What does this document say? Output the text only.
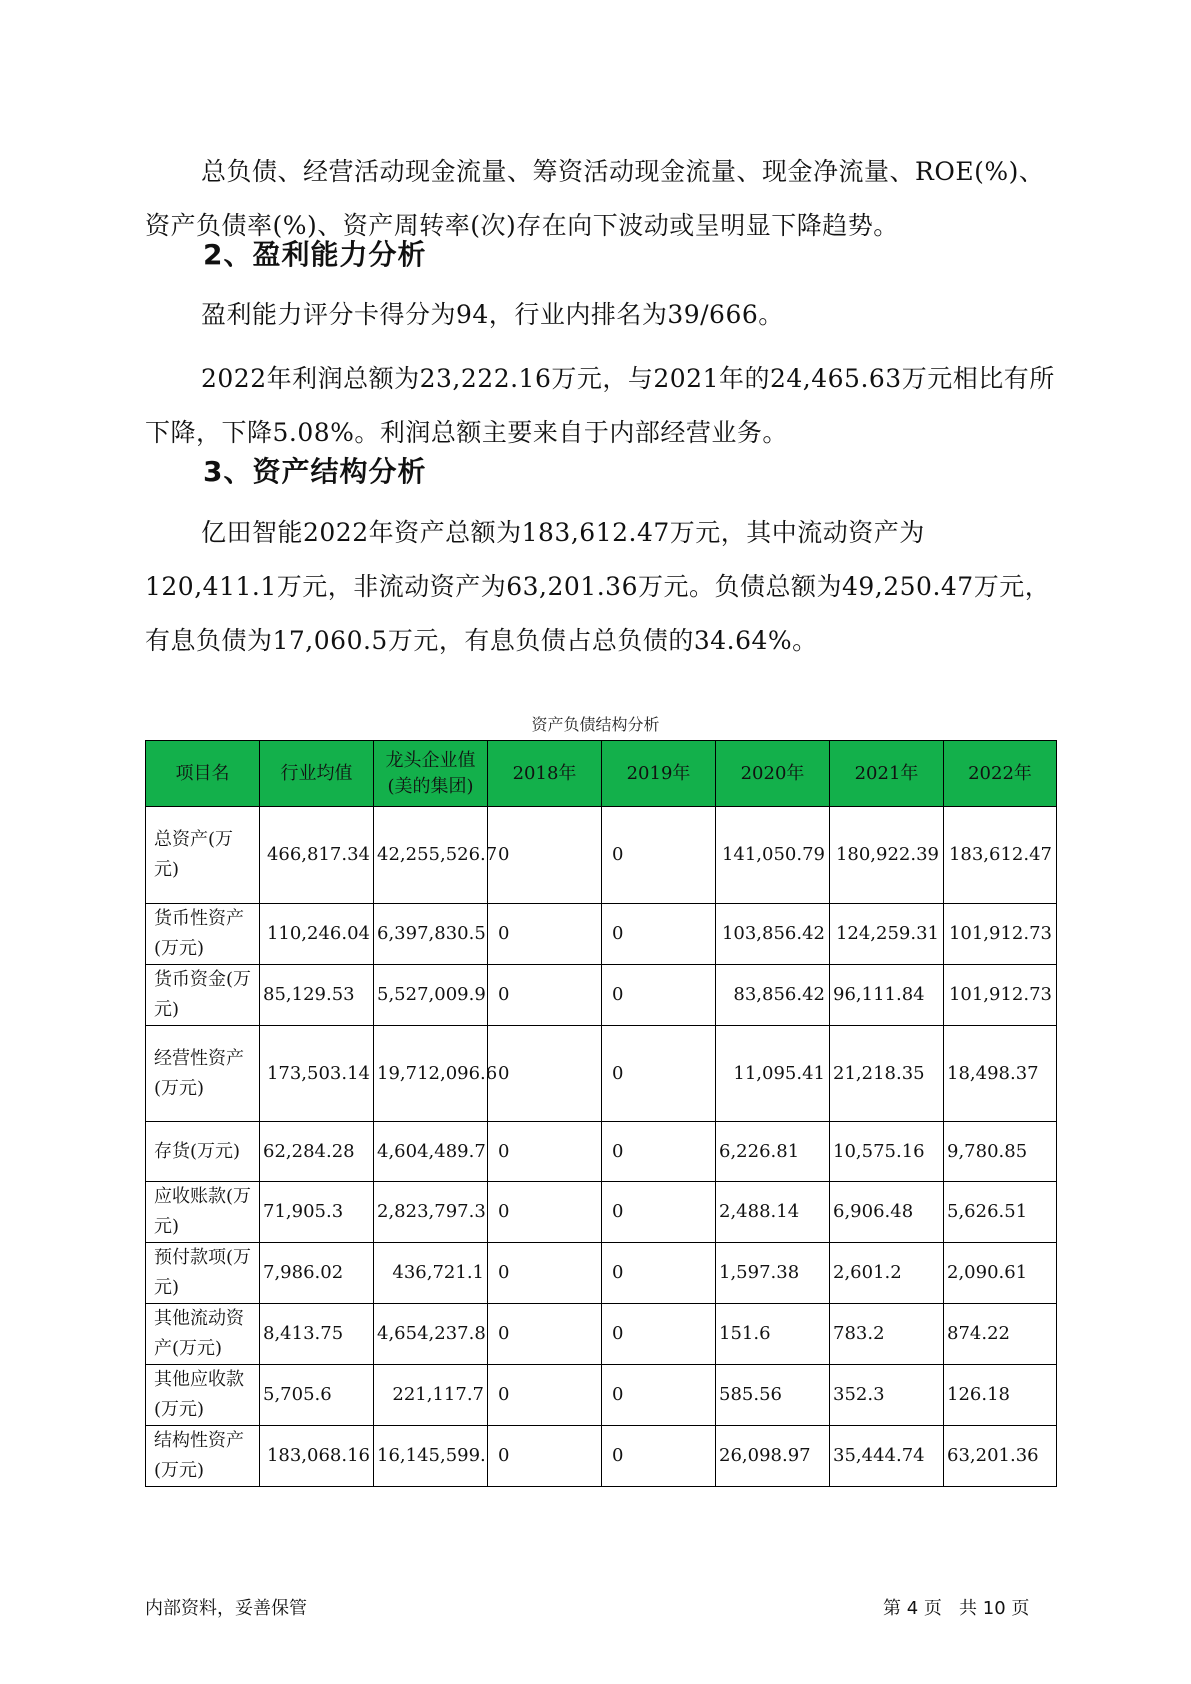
总负债、经营活动现金流量、筹资活动现金流量、现金净流量、ROE(%)、资产负债率(%)、资产周转率(次)存在向下波动或呈明显下降趋势。
2、盈利能力分析
盈利能力评分卡得分为94，行业内排名为39/666。
2022年利润总额为23,222.16万元，与2021年的24,465.63万元相比有所下降，下降5.08%。利润总额主要来自于内部经营业务。
3、资产结构分析
亿田智能2022年资产总额为183,612.47万元，其中流动资产为120,411.1万元，非流动资产为63,201.36万元。负债总额为49,250.47万元，有息负债为17,060.5万元，有息负债占总负债的34.64%。
资产负债结构分析
项目名	行业均值	龙头企业值(美的集团)	2018年	2019年	2020年	2021年	2022年
总资产(万元)	466,817.34	42,255,526.7	0	0	141,050.79	180,922.39	183,612.47
货币性资产(万元)	110,246.04	6,397,830.5	0	0	103,856.42	124,259.31	101,912.73
货币资金(万元)	85,129.53	5,527,009.9	0	0	83,856.42	96,111.84	101,912.73
经营性资产(万元)	173,503.14	19,712,096.6	0	0	11,095.41	21,218.35	18,498.37
存货(万元)	62,284.28	4,604,489.7	0	0	6,226.81	10,575.16	9,780.85
应收账款(万元)	71,905.3	2,823,797.3	0	0	2,488.14	6,906.48	5,626.51
预付款项(万元)	7,986.02	436,721.1	0	0	1,597.38	2,601.2	2,090.61
其他流动资产(万元)	8,413.75	4,654,237.8	0	0	151.6	783.2	874.22
其他应收款(万元)	5,705.6	221,117.7	0	0	585.56	352.3	126.18
结构性资产(万元)	183,068.16	16,145,599.	0	0	26,098.97	35,444.74	63,201.36
内部资料，妥善保管	第 4 页   共 10 页
